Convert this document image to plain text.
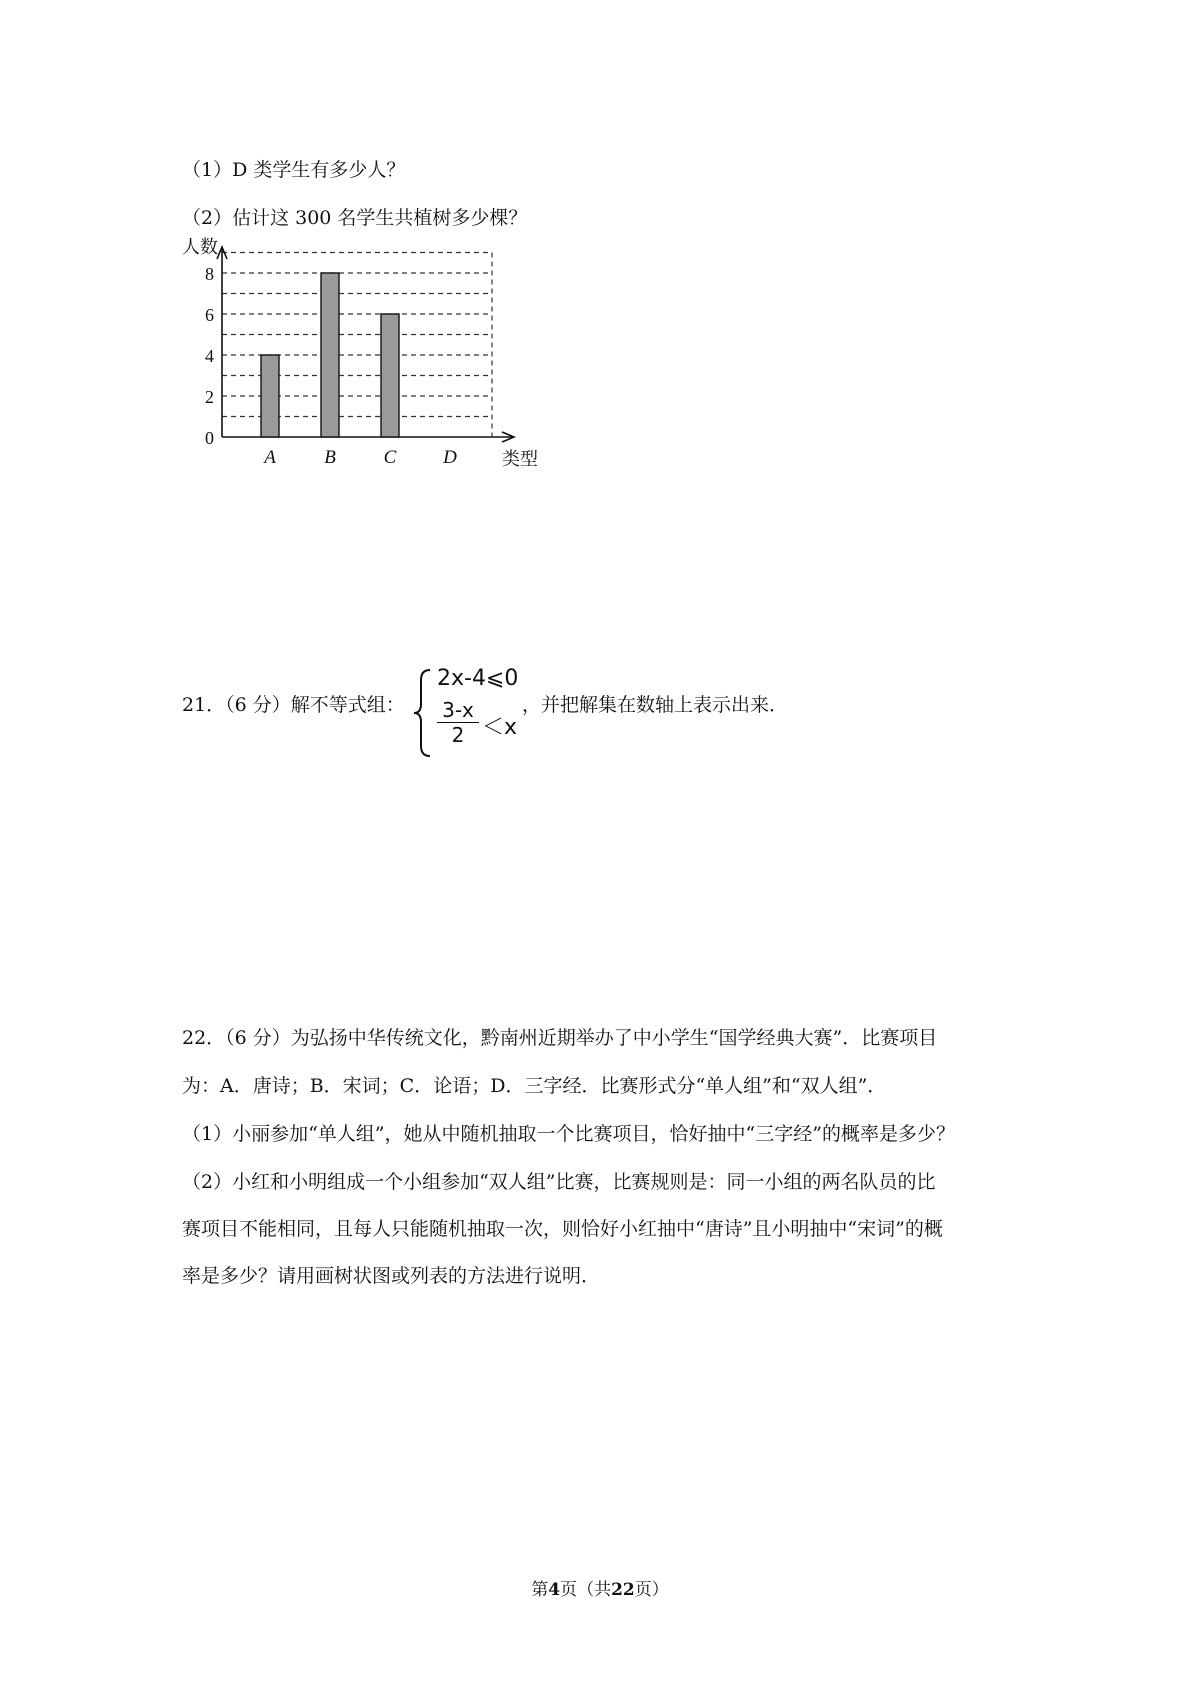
（1）D 类学生有多少人？
（2）估计这 300 名学生共植树多少棵？
人数
类型
0
2
4
6
8
A	B	C D
21．（6 分）解不等式组：
2x-4⩽0
$\frac{3-x}{2} <x$
，并把解集在数轴上表示出来．
22．（6 分）为弘扬中华传统文化，黔南州近期举办了中小学生“国学经典大赛”．比赛项目
为：A．唐诗；B．宋词；C．论语；D．三字经．比赛形式分“单人组”和“双人组”．
（1）小丽参加“单人组”，她从中随机抽取一个比赛项目，恰好抽中“三字经”的概率是多少？
（2）小红和小明组成一个小组参加“双人组”比赛，比赛规则是：同一小组的两名队员的比
赛项目不能相同，且每人只能随机抽取一次，则恰好小红抽中“唐诗”且小明抽中“宋词”的概
率是多少？请用画树状图或列表的方法进行说明．
第4页（共22页）
